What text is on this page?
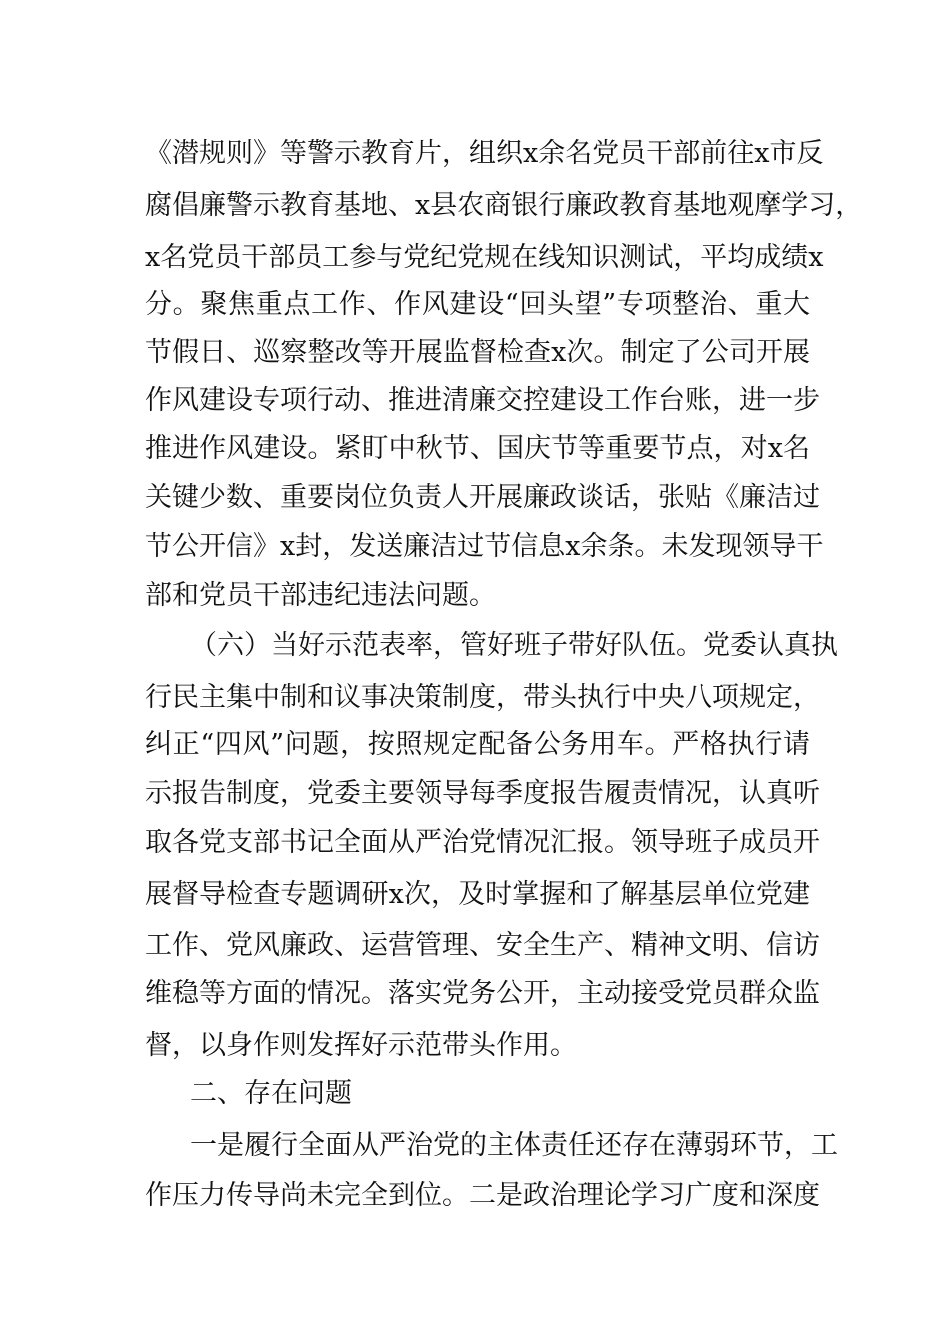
《潜规则》等警示教育片，组织x余名党员干部前往x市反
腐倡廉警示教育基地、x县农商银行廉政教育基地观摩学习，
x名党员干部员工参与党纪党规在线知识测试，平均成绩x
分。聚焦重点工作、作风建设“回头望”专项整治、重大
节假日、巡察整改等开展监督检查x次。制定了公司开展
作风建设专项行动、推进清廉交控建设工作台账，进一步
推进作风建设。紧盯中秋节、国庆节等重要节点，对x名
关键少数、重要岗位负责人开展廉政谈话，张贴《廉洁过
节公开信》x封，发送廉洁过节信息x余条。未发现领导干
部和党员干部违纪违法问题。
（六）当好示范表率，管好班子带好队伍。党委认真执
行民主集中制和议事决策制度，带头执行中央八项规定，
纠正“四风”问题，按照规定配备公务用车。严格执行请
示报告制度，党委主要领导每季度报告履责情况，认真听
取各党支部书记全面从严治党情况汇报。领导班子成员开
展督导检查专题调研x次，及时掌握和了解基层单位党建
工作、党风廉政、运营管理、安全生产、精神文明、信访
维稳等方面的情况。落实党务公开，主动接受党员群众监
督，以身作则发挥好示范带头作用。
二、存在问题
一是履行全面从严治党的主体责任还存在薄弱环节，工
作压力传导尚未完全到位。二是政治理论学习广度和深度
